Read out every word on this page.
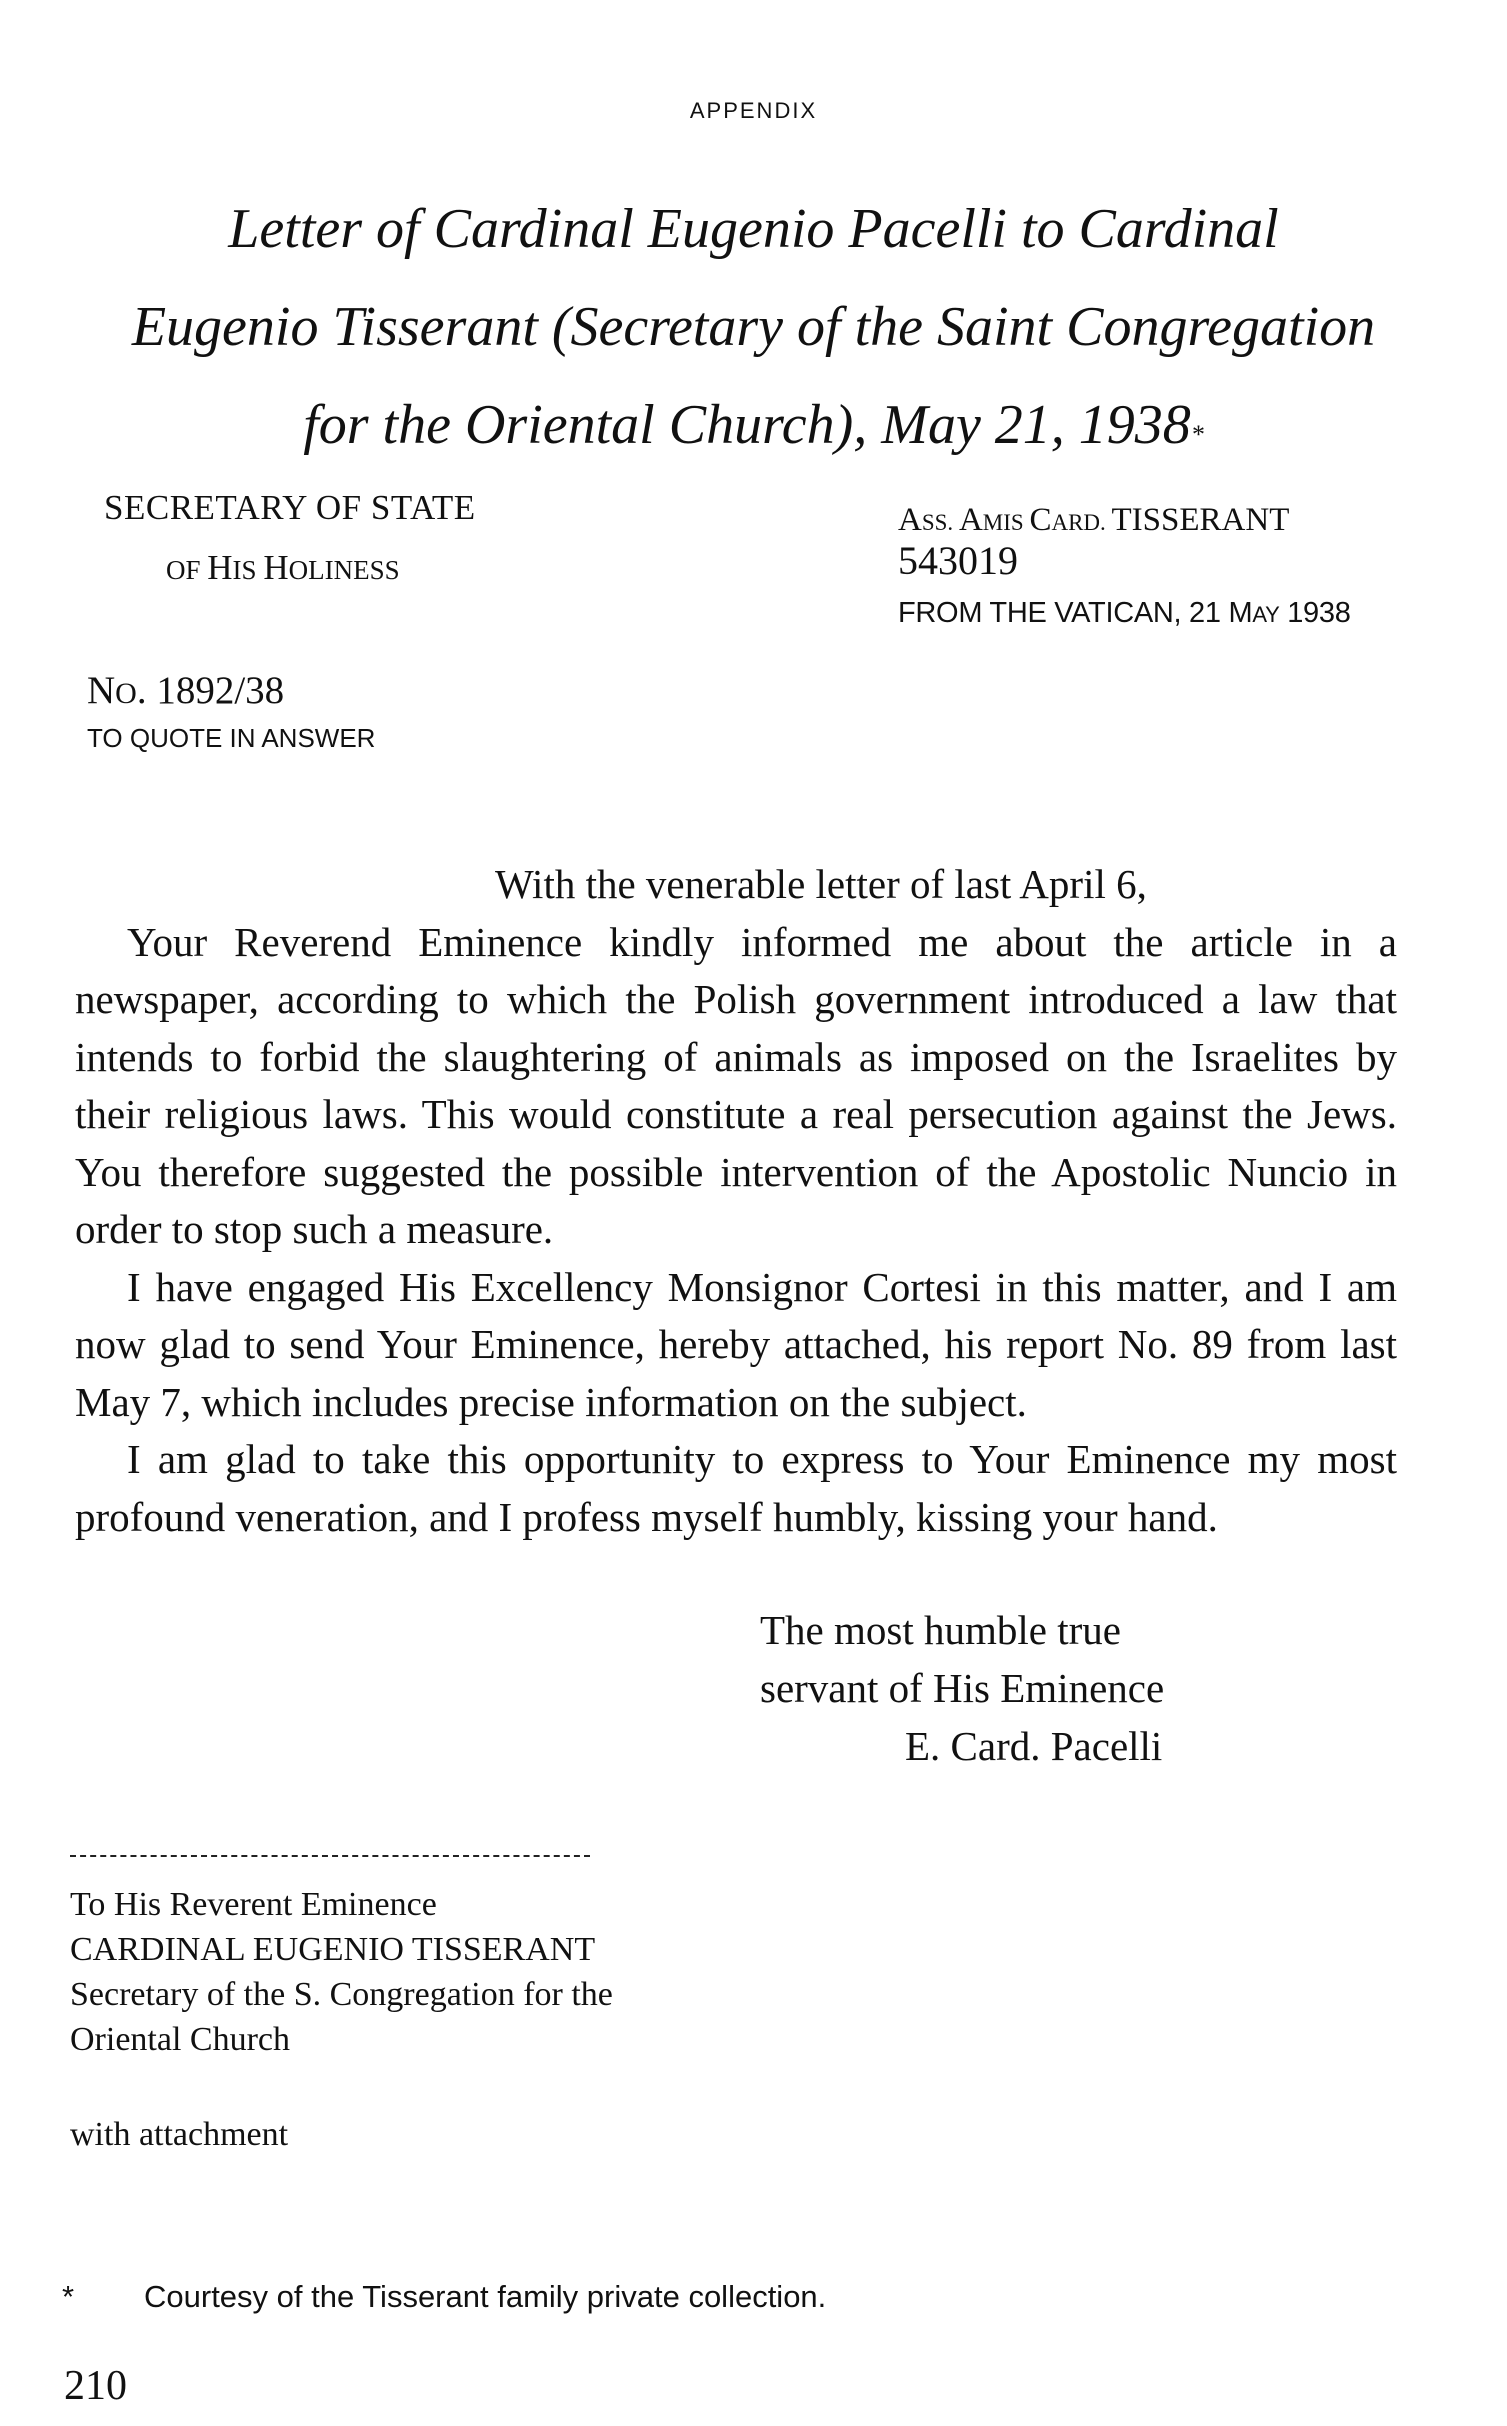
APPENDIX
Letter of Cardinal Eugenio Pacelli to Cardinal
Eugenio Tisserant (Secretary of the Saint Congregation
for the Oriental Church), May 21, 1938*
SECRETARY OF STATE
OF HIS HOLINESS
ASS. AMIS CARD. TISSERANT
543019
FROM THE VATICAN, 21 MAY 1938
NO. 1892/38
TO QUOTE IN ANSWER

With the venerable letter of last April 6,

Your Reverend Eminence kindly informed me about the article in a newspaper, according to which the Polish government introduced a law that intends to forbid the slaughtering of animals as imposed on the Israelites by their religious laws. This would constitute a real persecution against the Jews. You therefore suggested the possible intervention of the Apostolic Nuncio in order to stop such a measure.

I have engaged His Excellency Monsignor Cortesi in this matter, and I am now glad to send Your Eminence, hereby attached, his report No. 89 from last May 7, which includes precise information on the subject.

I am glad to take this opportunity to express to Your Eminence my most profound veneration, and I profess myself humbly, kissing your hand.

The most humble true
servant of His Eminence
E. Card. Pacelli
To His Reverent Eminence
CARDINAL EUGENIO TISSERANT
Secretary of the S. Congregation for the
Oriental Church
with attachment
* Courtesy of the Tisserant family private collection.
210
